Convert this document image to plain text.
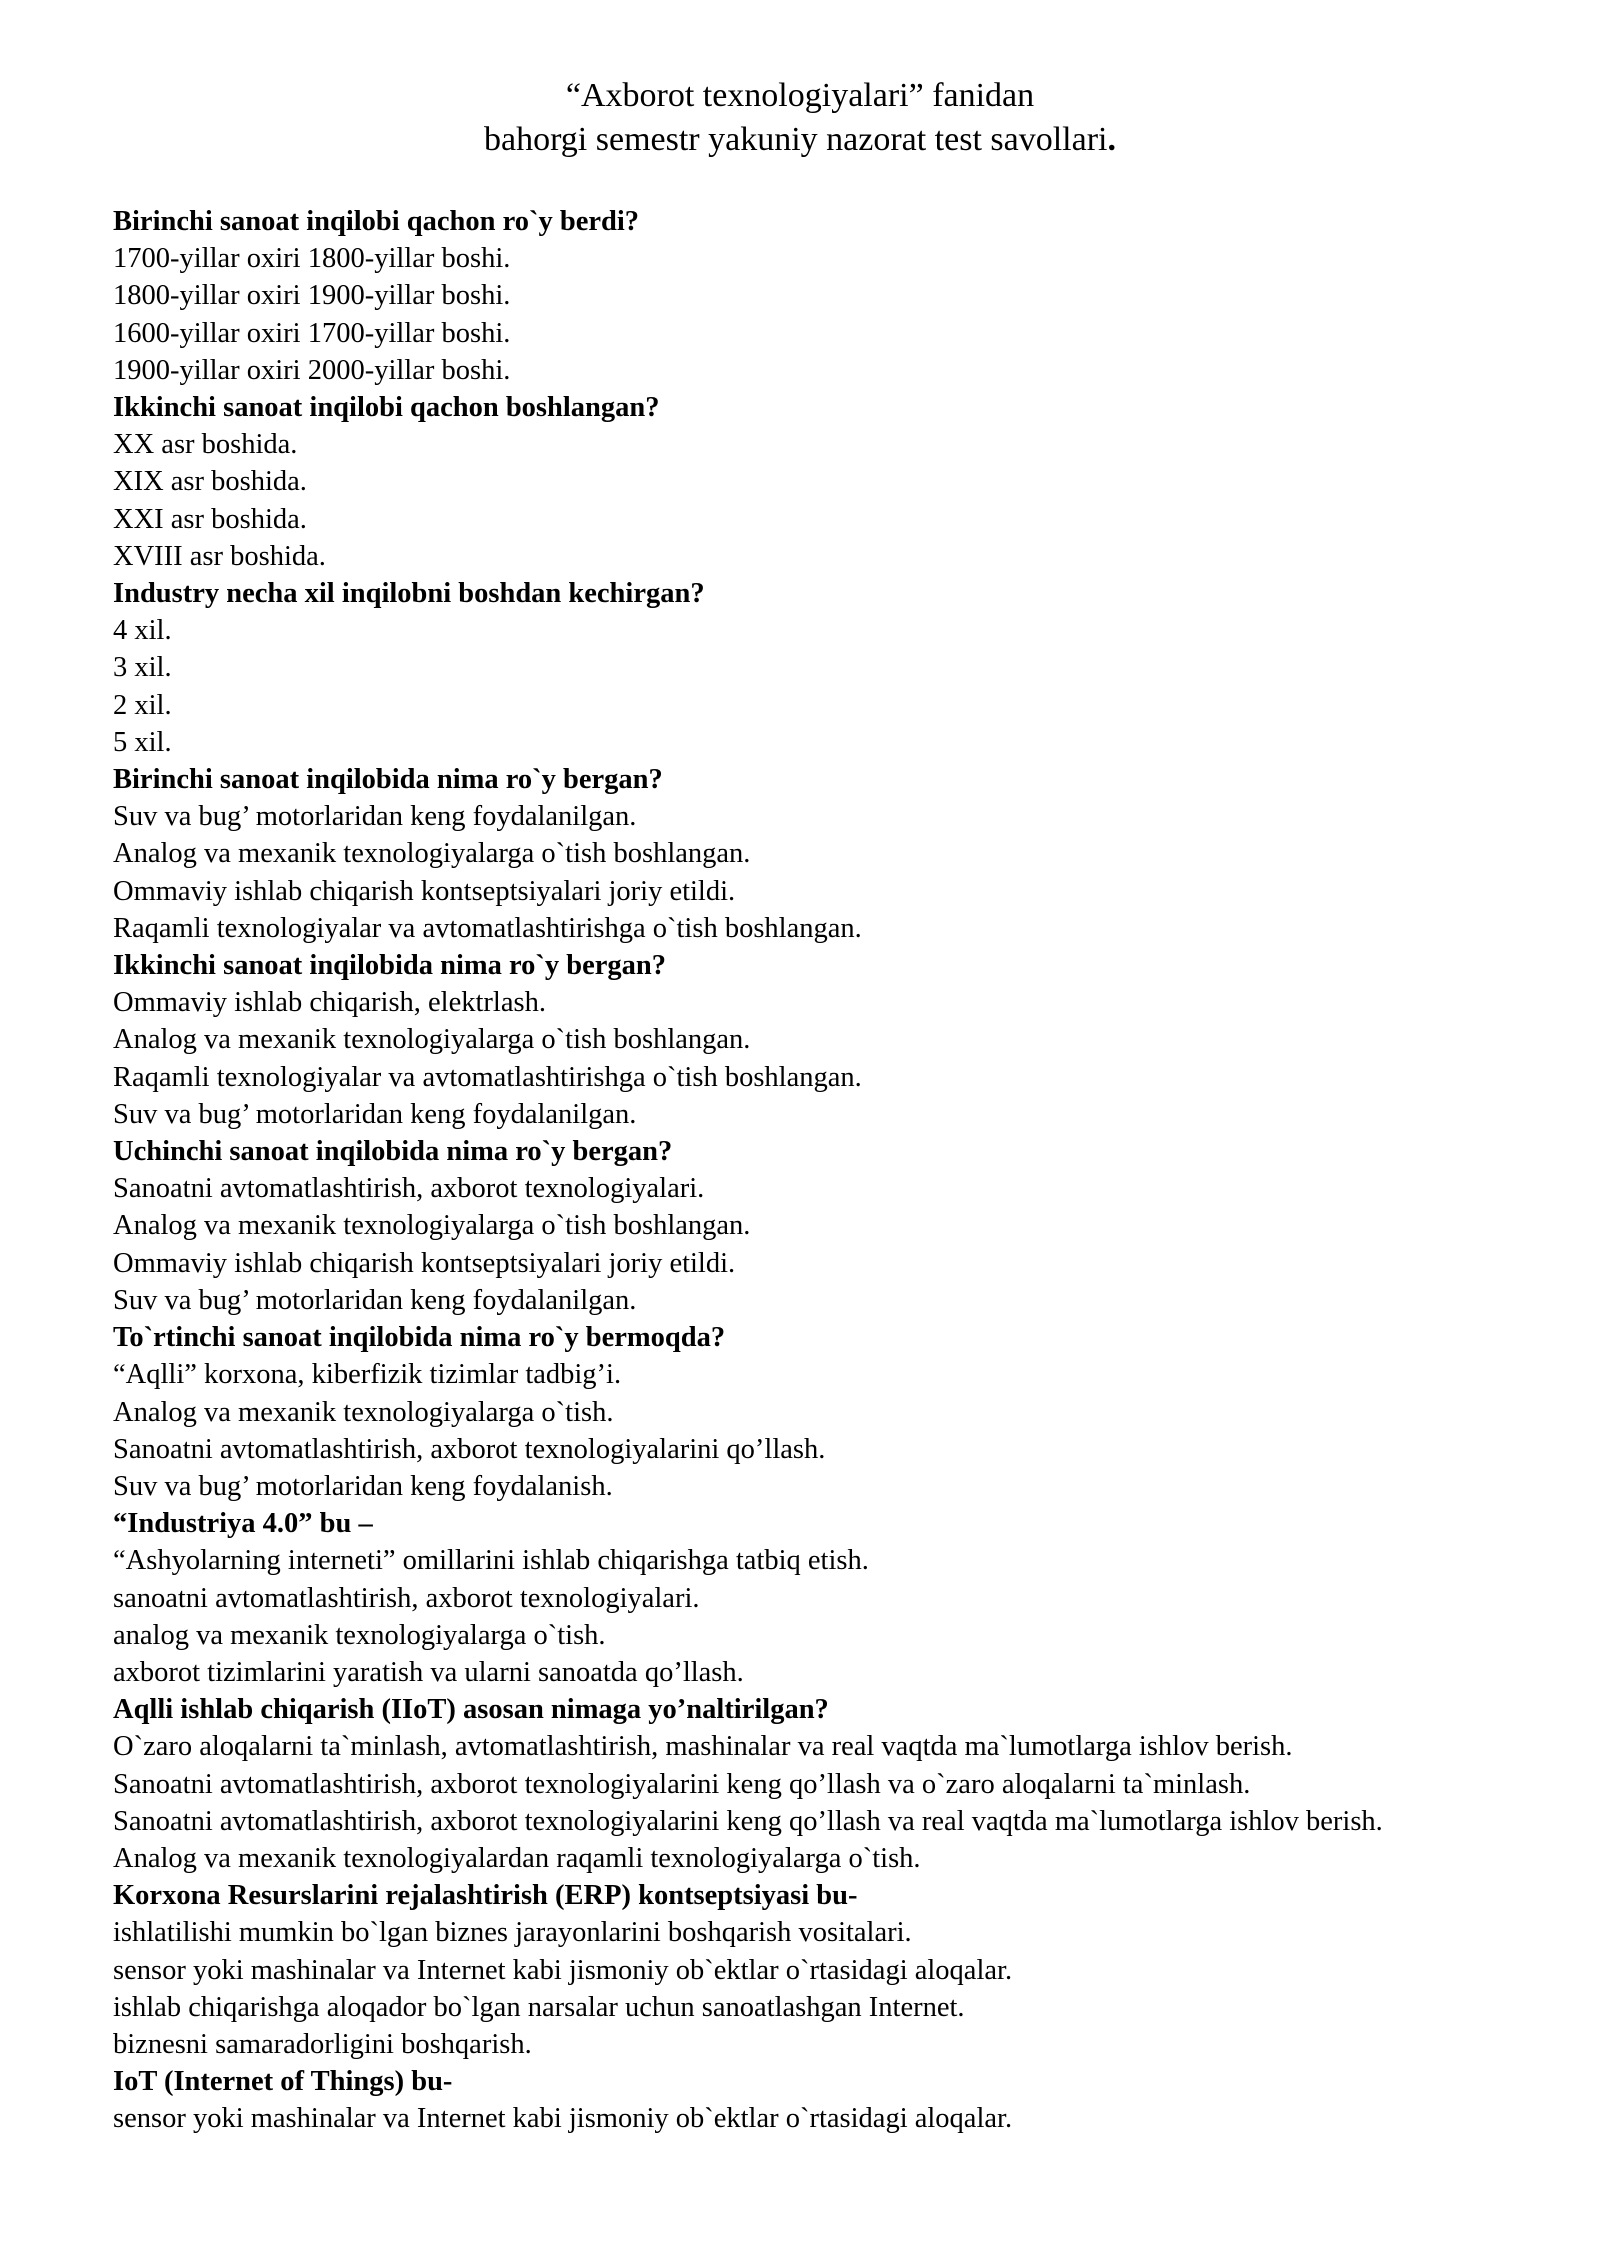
“Axborot texnologiyalari” fanidan
bahorgi semestr yakuniy nazorat test savollari.
Birinchi sanoat inqilobi qachon ro`y berdi?
1700-yillar oxiri 1800-yillar boshi.
1800-yillar oxiri 1900-yillar boshi.
1600-yillar oxiri 1700-yillar boshi.
1900-yillar oxiri 2000-yillar boshi.
Ikkinchi sanoat inqilobi qachon boshlangan?
XX asr boshida.
XIX asr boshida.
XXI asr boshida.
XVIII asr boshida.
Industry necha xil inqilobni boshdan kechirgan?
4 xil.
3 xil.
2 xil.
5 xil.
Birinchi sanoat inqilobida nima ro`y bergan?
Suv va bug’ motorlaridan keng foydalanilgan.
Analog va mexanik texnologiyalarga o`tish boshlangan.
Ommaviy ishlab chiqarish kontseptsiyalari joriy etildi.
Raqamli texnologiyalar va avtomatlashtirishga o`tish boshlangan.
Ikkinchi sanoat inqilobida nima ro`y bergan?
Ommaviy ishlab chiqarish, elektrlash.
Analog va mexanik texnologiyalarga o`tish boshlangan.
Raqamli texnologiyalar va avtomatlashtirishga o`tish boshlangan.
Suv va bug’ motorlaridan keng foydalanilgan.
Uchinchi sanoat inqilobida nima ro`y bergan?
Sanoatni avtomatlashtirish, axborot texnologiyalari.
Analog va mexanik texnologiyalarga o`tish boshlangan.
Ommaviy ishlab chiqarish kontseptsiyalari joriy etildi.
Suv va bug’ motorlaridan keng foydalanilgan.
To`rtinchi sanoat inqilobida nima ro`y bermoqda?
“Aqlli” korxona, kiberfizik tizimlar tadbig’i.
Analog va mexanik texnologiyalarga o`tish.
Sanoatni avtomatlashtirish, axborot texnologiyalarini qo’llash.
Suv va bug’ motorlaridan keng foydalanish.
“Industriya 4.0” bu –
“Ashyolarning interneti” omillarini ishlab chiqarishga tatbiq etish.
sanoatni avtomatlashtirish, axborot texnologiyalari.
analog va mexanik texnologiyalarga o`tish.
axborot tizimlarini yaratish va ularni sanoatda qo’llash.
Aqlli ishlab chiqarish (IIoT) asosan nimaga yo’naltirilgan?
O`zaro aloqalarni ta`minlash, avtomatlashtirish, mashinalar va real vaqtda ma`lumotlarga ishlov berish.
Sanoatni avtomatlashtirish, axborot texnologiyalarini keng qo’llash va o`zaro aloqalarni ta`minlash.
Sanoatni avtomatlashtirish, axborot texnologiyalarini keng qo’llash va real vaqtda ma`lumotlarga ishlov berish.
Analog va mexanik texnologiyalardan raqamli texnologiyalarga o`tish.
Korxona Resurslarini rejalashtirish (ERP) kontseptsiyasi bu-
ishlatilishi mumkin bo`lgan biznes jarayonlarini boshqarish vositalari.
sensor yoki mashinalar va Internet kabi jismoniy ob`ektlar o`rtasidagi aloqalar.
ishlab chiqarishga aloqador bo`lgan narsalar uchun sanoatlashgan Internet.
biznesni samaradorligini boshqarish.
IoT (Internet of Things) bu-
sensor yoki mashinalar va Internet kabi jismoniy ob`ektlar o`rtasidagi aloqalar.
